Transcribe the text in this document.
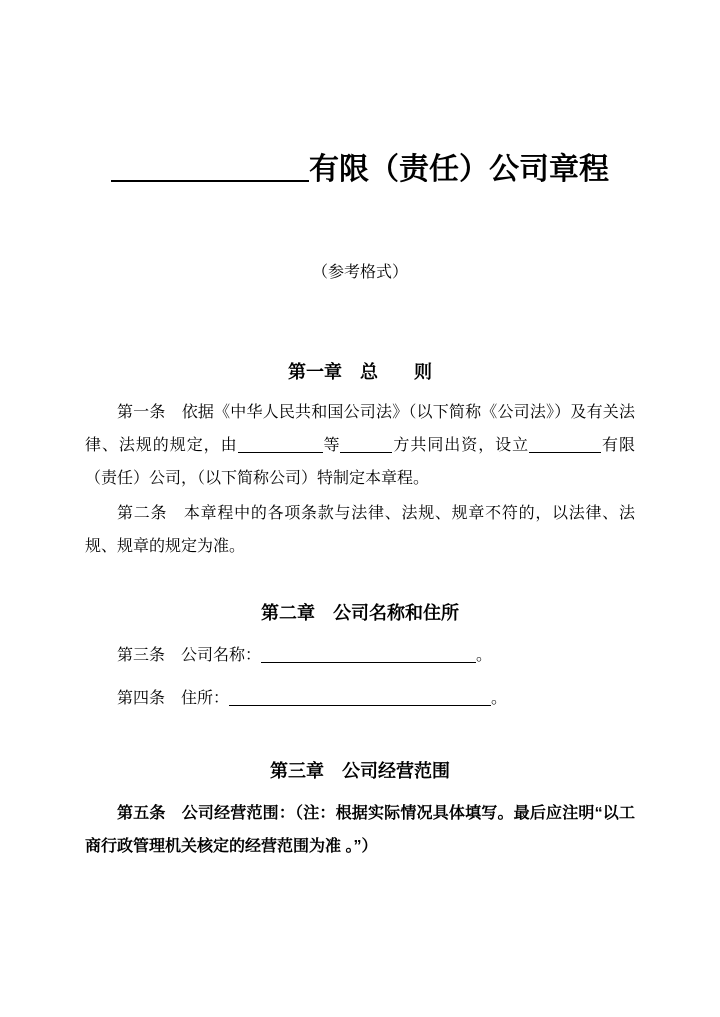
有限（责任）公司章程

（参考格式）

第一章　总　　则

第一条　依据《中华人民共和国公司法》（以下简称《公司法》）及有关法律、法规的规定，由	等	方共同出资，设立	有限（责任）公司，（以下简称公司）特制定本章程。

第二条　本章程中的各项条款与法律、法规、规章不符的，以法律、法规、规章的规定为准。

第二章　公司名称和住所

第三条　公司名称：	。

第四条　住所：	。

第三章　公司经营范围

第五条　公司经营范围：（注：根据实际情况具体填写。最后应注明“以工商行政管理机关核定的经营范围为准 。”）
